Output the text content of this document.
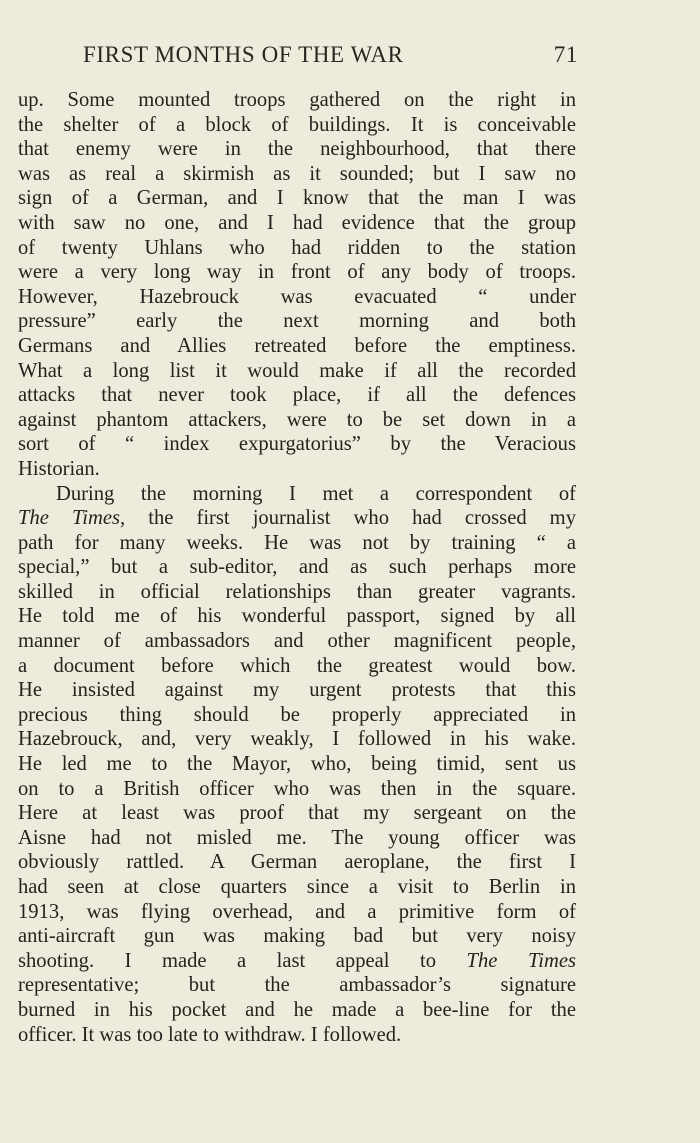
FIRST MONTHS OF THE WAR	71
up. Some mounted troops gathered on the right in
the shelter of a block of buildings. It is conceivable
that enemy were in the neighbourhood, that there
was as real a skirmish as it sounded; but I saw no
sign of a German, and I know that the man I was
with saw no one, and I had evidence that the group
of twenty Uhlans who had ridden to the station
were a very long way in front of any body of troops.
However, Hazebrouck was evacuated “ under
pressure” early the next morning and both
Germans and Allies retreated before the emptiness.
What a long list it would make if all the recorded
attacks that never took place, if all the defences
against phantom attackers, were to be set down in a
sort of “ index expurgatorius” by the Veracious
Historian.
During the morning I met a correspondent of
The Times, the first journalist who had crossed my
path for many weeks. He was not by training “ a
special,” but a sub-editor, and as such perhaps more
skilled in official relationships than greater vagrants.
He told me of his wonderful passport, signed by all
manner of ambassadors and other magnificent people,
a document before which the greatest would bow.
He insisted against my urgent protests that this
precious thing should be properly appreciated in
Hazebrouck, and, very weakly, I followed in his wake.
He led me to the Mayor, who, being timid, sent us
on to a British officer who was then in the square.
Here at least was proof that my sergeant on the
Aisne had not misled me. The young officer was
obviously rattled. A German aeroplane, the first I
had seen at close quarters since a visit to Berlin in
1913, was flying overhead, and a primitive form of
anti-aircraft gun was making bad but very noisy
shooting. I made a last appeal to The Times
representative; but the ambassador’s signature
burned in his pocket and he made a bee-line for the
officer. It was too late to withdraw. I followed.
